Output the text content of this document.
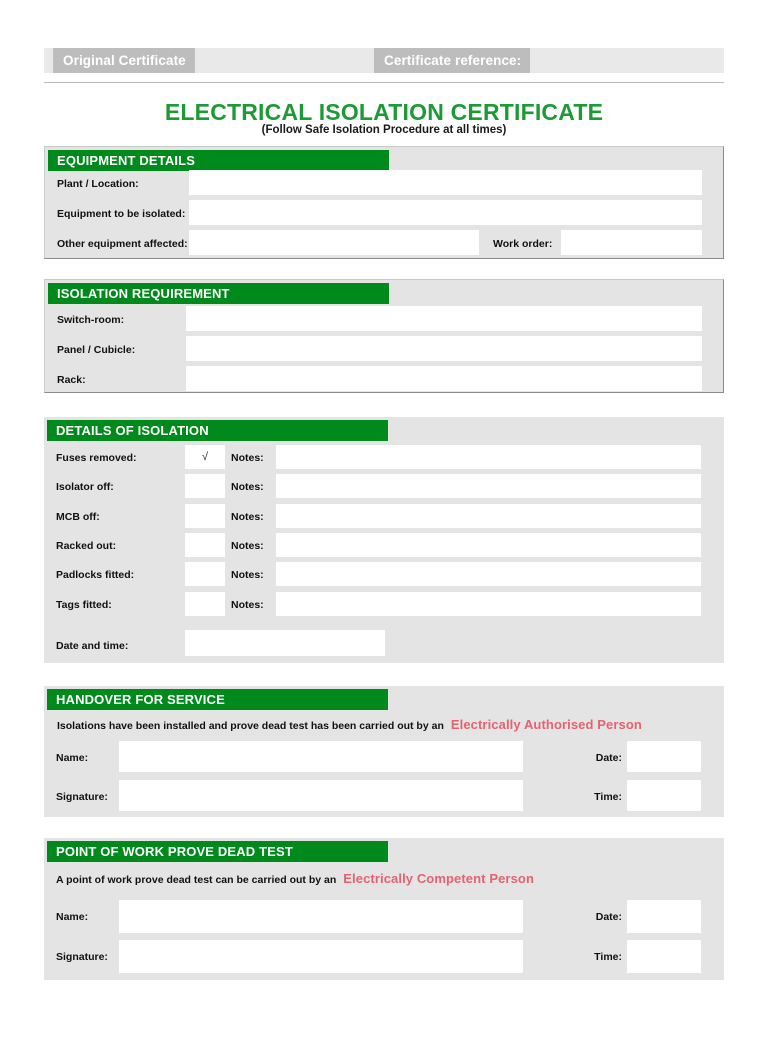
Original Certificate	Certificate reference:
ELECTRICAL ISOLATION CERTIFICATE
(Follow Safe Isolation Procedure at all times)
EQUIPMENT DETAILS
Plant / Location:
Equipment to be isolated:
Other equipment affected:	Work order:
ISOLATION REQUIREMENT
Switch-room:
Panel / Cubicle:
Rack:
DETAILS OF ISOLATION
Fuses removed:	√	Notes:
Isolator off:	Notes:
MCB off:	Notes:
Racked out:	Notes:
Padlocks fitted:	Notes:
Tags fitted:	Notes:
Date and time:
HANDOVER FOR SERVICE
Isolations have been installed and prove dead test has been carried out by an Electrically Authorised Person
Name:	Date:
Signature:	Time:
POINT OF WORK PROVE DEAD TEST
A point of work prove dead test can be carried out by an Electrically Competent Person
Name:	Date:
Signature:	Time:
